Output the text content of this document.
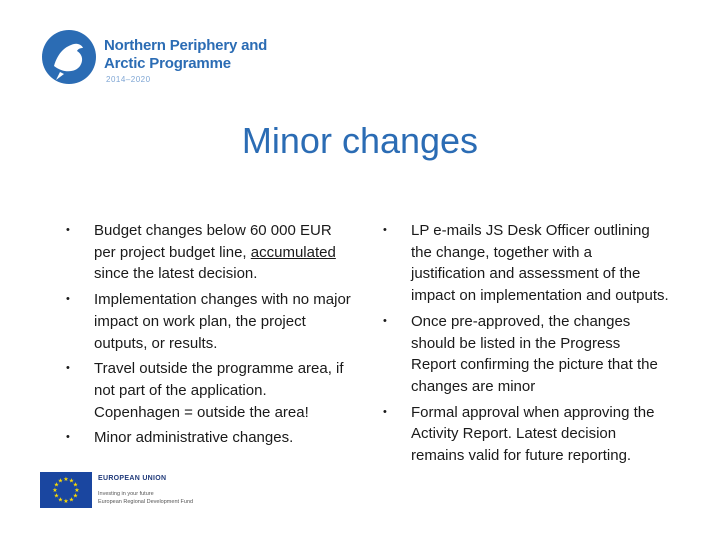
Northern Periphery and
Arctic Programme
2014–2020
Minor changes
• Budget changes below 60 000 EUR per project budget line, accumulated since the latest decision.
• Implementation changes with no major impact on work plan, the project outputs, or results.
• Travel outside the programme area, if not part of the application. Copenhagen = outside the area!
• Minor administrative changes.
• LP e-mails JS Desk Officer outlining the change, together with a justification and assessment of the impact on implementation and outputs.
• Once pre-approved, the changes should be listed in the Progress Report confirming the picture that the changes are minor
• Formal approval when approving the Activity Report. Latest decision remains valid for future reporting.
★ ★
★
★
★
★
★
★
★
★
★
★	EUROPEAN UNION
Investing in your future
European Regional Development Fund
